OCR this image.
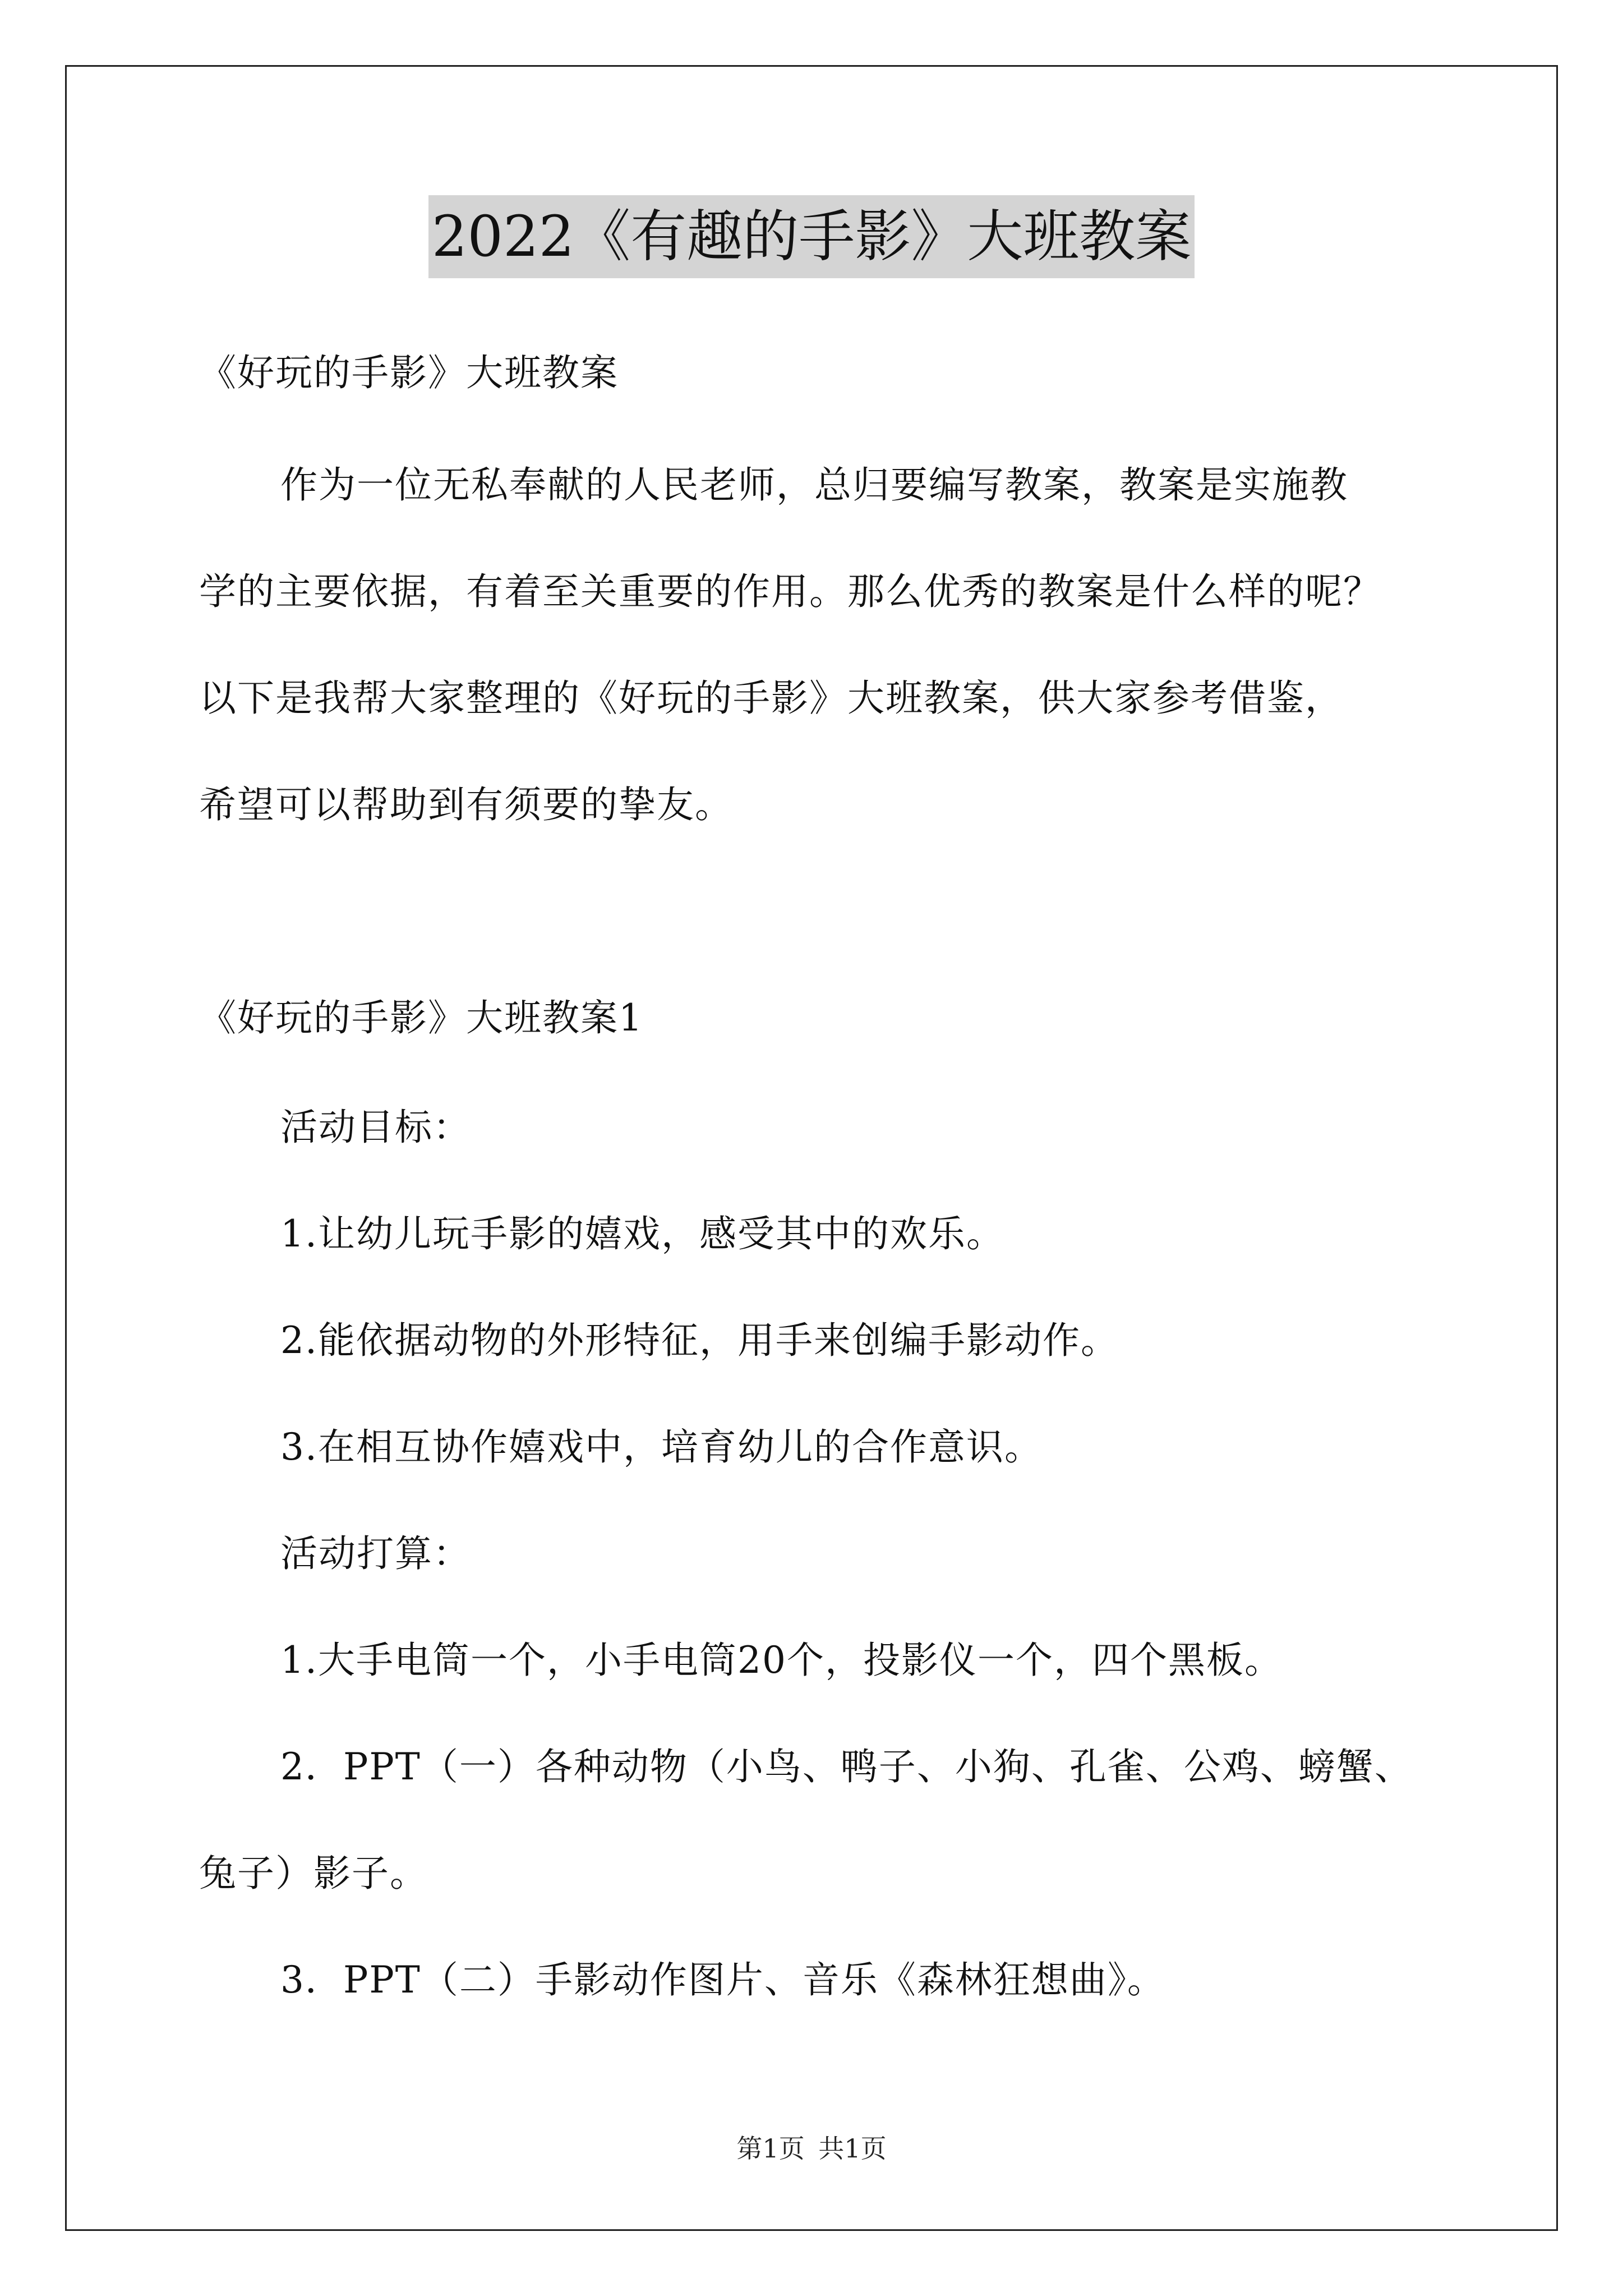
2022《有趣的手影》大班教案
《好玩的手影》大班教案
作为一位无私奉献的人民老师，总归要编写教案，教案是实施教
学的主要依据，有着至关重要的作用。那么优秀的教案是什么样的呢？
以下是我帮大家整理的《好玩的手影》大班教案，供大家参考借鉴，
希望可以帮助到有须要的挚友。
《好玩的手影》大班教案1
活动目标：
1.让幼儿玩手影的嬉戏，感受其中的欢乐。
2.能依据动物的外形特征，用手来创编手影动作。
3.在相互协作嬉戏中，培育幼儿的合作意识。
活动打算：
1.大手电筒一个，小手电筒20个，投影仪一个，四个黑板。
2．PPT（一）各种动物（小鸟、鸭子、小狗、孔雀、公鸡、螃蟹、
兔子）影子。
3．PPT（二）手影动作图片、音乐《森林狂想曲》。
第1页 共1页
